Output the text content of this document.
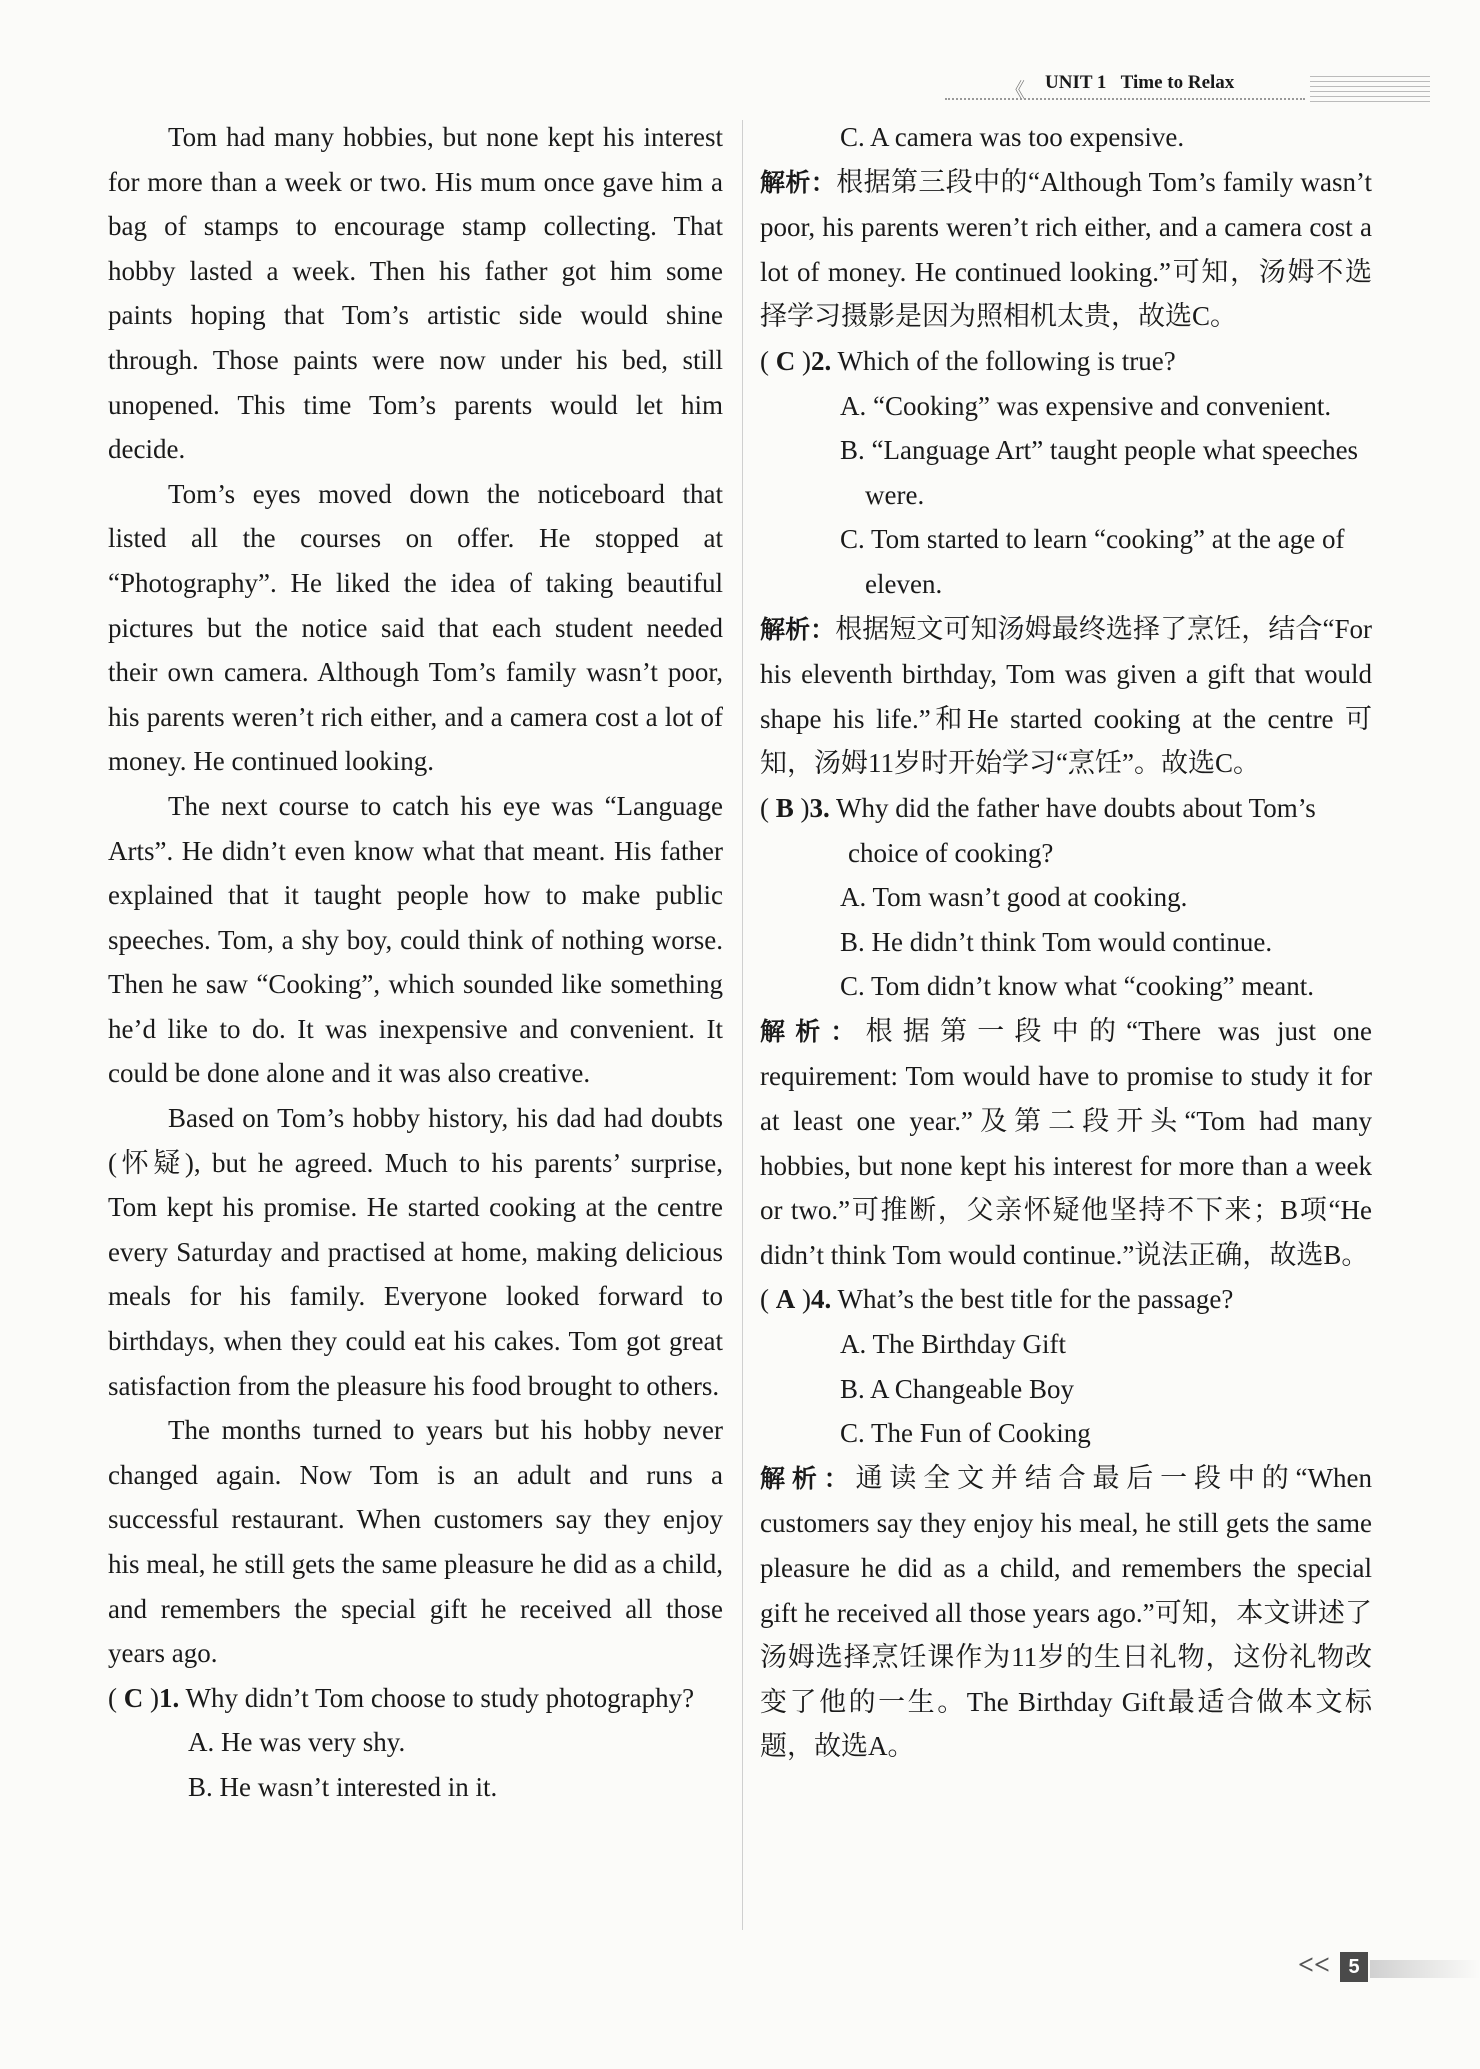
《 UNIT 1 Time to Relax

Tom had many hobbies, but none kept his interest for more than a week or two. His mum once gave him a bag of stamps to encourage stamp collecting. That hobby lasted a week. Then his father got him some paints hoping that Tom’s artistic side would shine through. Those paints were now under his bed, still unopened. This time Tom’s parents would let him decide.

Tom’s eyes moved down the noticeboard that listed all the courses on offer. He stopped at “Photography”. He liked the idea of taking beautiful pictures but the notice said that each student needed their own camera. Although Tom’s family wasn’t poor, his parents weren’t rich either, and a camera cost a lot of money. He continued looking.

The next course to catch his eye was “Language Arts”. He didn’t even know what that meant. His father explained that it taught people how to make public speeches. Tom, a shy boy, could think of nothing worse. Then he saw “Cooking”, which sounded like something he’d like to do. It was inexpensive and convenient. It could be done alone and it was also creative.

Based on Tom’s hobby history, his dad had doubts (怀疑), but he agreed. Much to his parents’ surprise, Tom kept his promise. He started cooking at the centre every Saturday and practised at home, making delicious meals for his family. Everyone looked forward to birthdays, when they could eat his cakes. Tom got great satisfaction from the pleasure his food brought to others.

The months turned to years but his hobby never changed again. Now Tom is an adult and runs a successful restaurant. When customers say they enjoy his meal, he still gets the same pleasure he did as a child, and remembers the special gift he received all those years ago.

( C )1. Why didn’t Tom choose to study photography?

A. He was very shy.

B. He wasn’t interested in it.

C. A camera was too expensive.

解析：根据第三段中的“Although Tom’s family wasn’t poor, his parents weren’t rich either, and a camera cost a lot of money. He continued looking.”可知，汤姆不选择学习摄影是因为照相机太贵，故选C。

( C )2. Which of the following is true?

A. “Cooking” was expensive and convenient.

B. “Language Art” taught people what speeches were.

C. Tom started to learn “cooking” at the age of eleven.

解析：根据短文可知汤姆最终选择了烹饪，结合“For his eleventh birthday, Tom was given a gift that would shape his life.”和He started cooking at the centre 可知，汤姆11岁时开始学习“烹饪”。故选C。

( B )3. Why did the father have doubts about Tom’s choice of cooking?

A. Tom wasn’t good at cooking.

B. He didn’t think Tom would continue.

C. Tom didn’t know what “cooking” meant.

解析：根据第一段中的“There was just one requirement: Tom would have to promise to study it for at least one year.”及第二段开头“Tom had many hobbies, but none kept his interest for more than a week or two.”可推断，父亲怀疑他坚持不下来；B项“He didn’t think Tom would continue.”说法正确，故选B。

( A )4. What’s the best title for the passage?

A. The Birthday Gift

B. A Changeable Boy

C. The Fun of Cooking

解析：通读全文并结合最后一段中的“When customers say they enjoy his meal, he still gets the same pleasure he did as a child, and remembers the special gift he received all those years ago.”可知，本文讲述了汤姆选择烹饪课作为11岁的生日礼物，这份礼物改变了他的一生。The Birthday Gift最适合做本文标题，故选A。

<< 5
